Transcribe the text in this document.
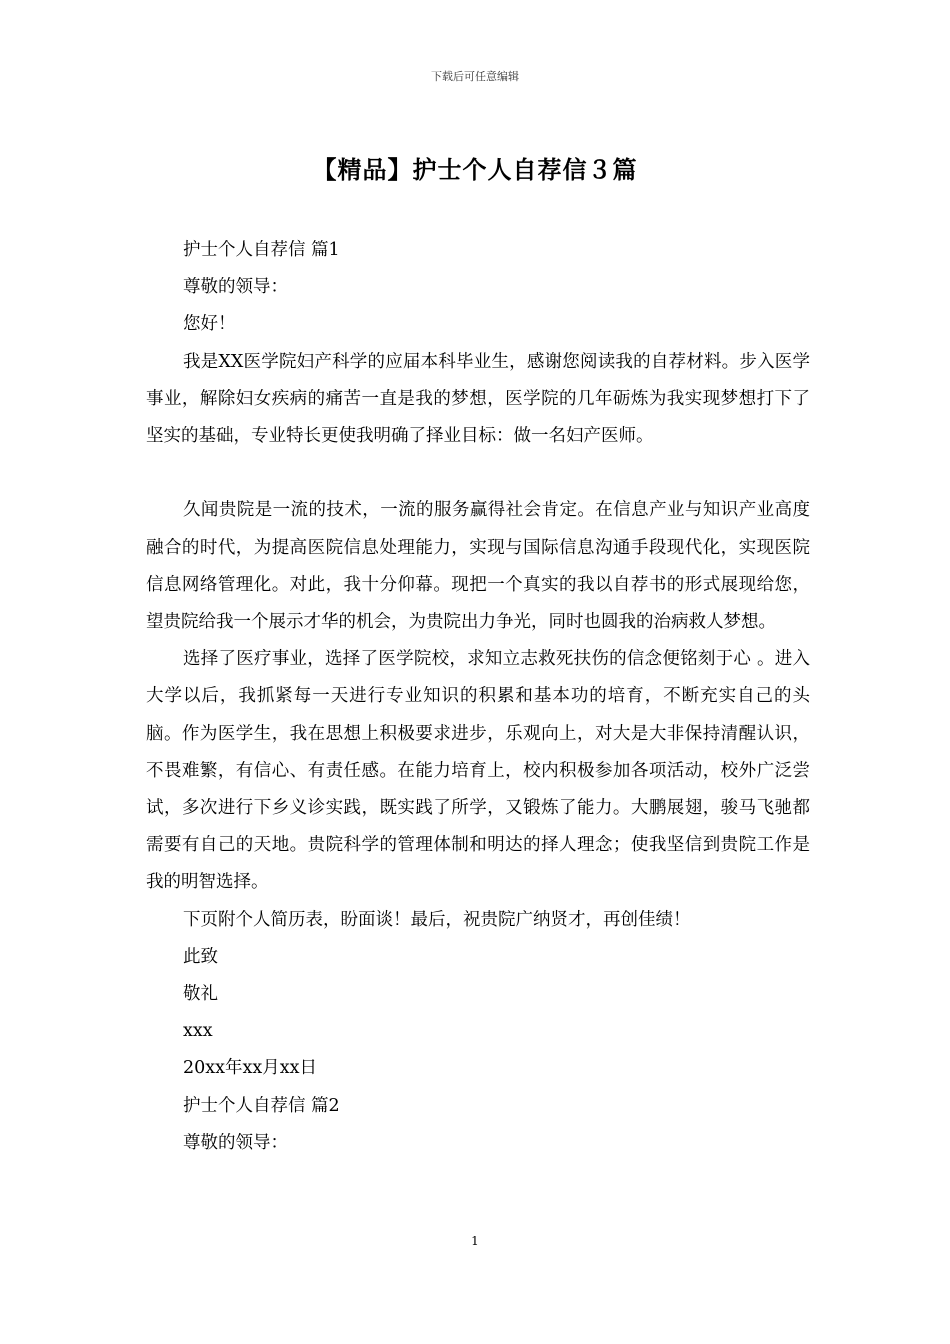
下载后可任意编辑
【精品】护士个人自荐信３篇

护士个人自荐信 篇1

尊敬的领导：

您好！

我是XX医学院妇产科学的应届本科毕业生，感谢您阅读我的自荐材料。步入医学事业，解除妇女疾病的痛苦一直是我的梦想，医学院的几年砺炼为我实现梦想打下了坚实的基础，专业特长更使我明确了择业目标：做一名妇产医师。

久闻贵院是一流的技术，一流的服务赢得社会肯定。在信息产业与知识产业高度融合的时代，为提高医院信息处理能力，实现与国际信息沟通手段现代化，实现医院信息网络管理化。对此，我十分仰幕。现把一个真实的我以自荐书的形式展现给您，望贵院给我一个展示才华的机会，为贵院出力争光，同时也圆我的治病救人梦想。

选择了医疗事业，选择了医学院校，求知立志救死扶伤的信念便铭刻于心 。进入大学以后，我抓紧每一天进行专业知识的积累和基本功的培育，不断充实自己的头脑。作为医学生，我在思想上积极要求进步，乐观向上，对大是大非保持清醒认识，不畏难繁，有信心、有责任感。在能力培育上，校内积极参加各项活动，校外广泛尝试，多次进行下乡义诊实践，既实践了所学，又锻炼了能力。大鹏展翅，骏马飞驰都需要有自己的天地。贵院科学的管理体制和明达的择人理念；使我坚信到贵院工作是我的明智选择。

下页附个人简历表，盼面谈！最后，祝贵院广纳贤才，再创佳绩！

此致

敬礼

xxx

20xx年xx月xx日

护士个人自荐信 篇2

尊敬的领导：

1
